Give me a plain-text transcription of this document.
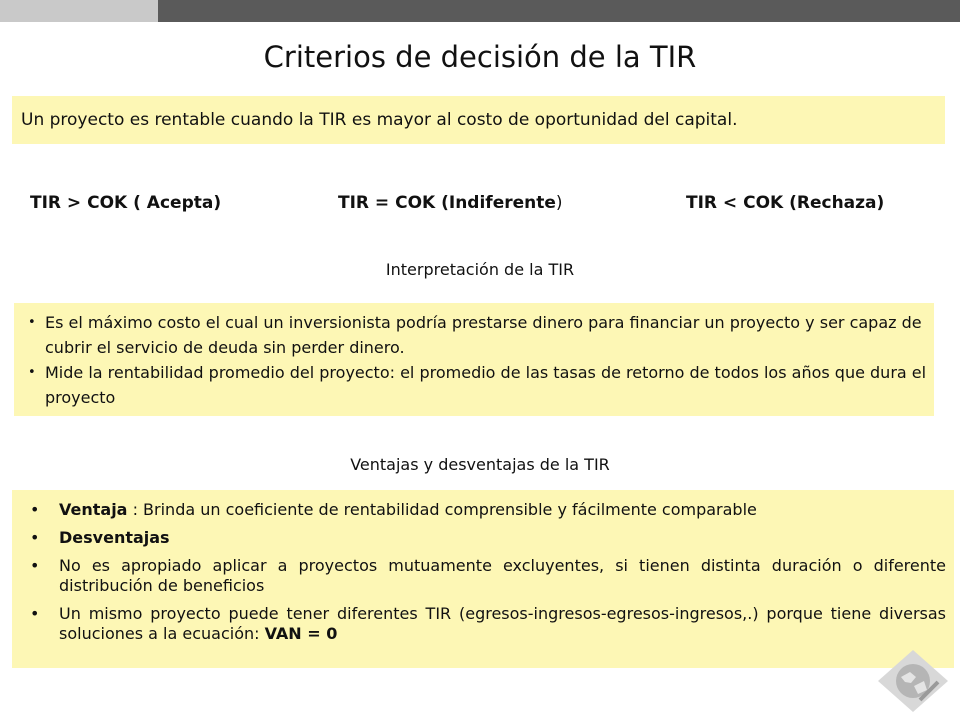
Criterios de decisión de la TIR

Un proyecto es rentable cuando la TIR es mayor al costo de oportunidad del capital.

TIR > COK ( Acepta)	TIR = COK (Indiferente)	TIR < COK (Rechaza)
Interpretación de la TIR
• Es el máximo costo el cual un inversionista podría prestarse dinero para financiar un proyecto y ser capaz de cubrir el servicio de deuda sin perder dinero.
• Mide la rentabilidad promedio del proyecto: el promedio de las tasas de retorno de todos los años que dura el proyecto
Ventajas y desventajas de la TIR
• Ventaja : Brinda un coeficiente de rentabilidad comprensible y fácilmente comparable
• Desventajas
• No es apropiado aplicar a proyectos mutuamente excluyentes, si tienen distinta duración o diferente distribución de beneficios
• Un mismo proyecto puede tener diferentes TIR (egresos-ingresos-egresos-ingresos,.) porque tiene diversas soluciones a la ecuación: VAN = 0
